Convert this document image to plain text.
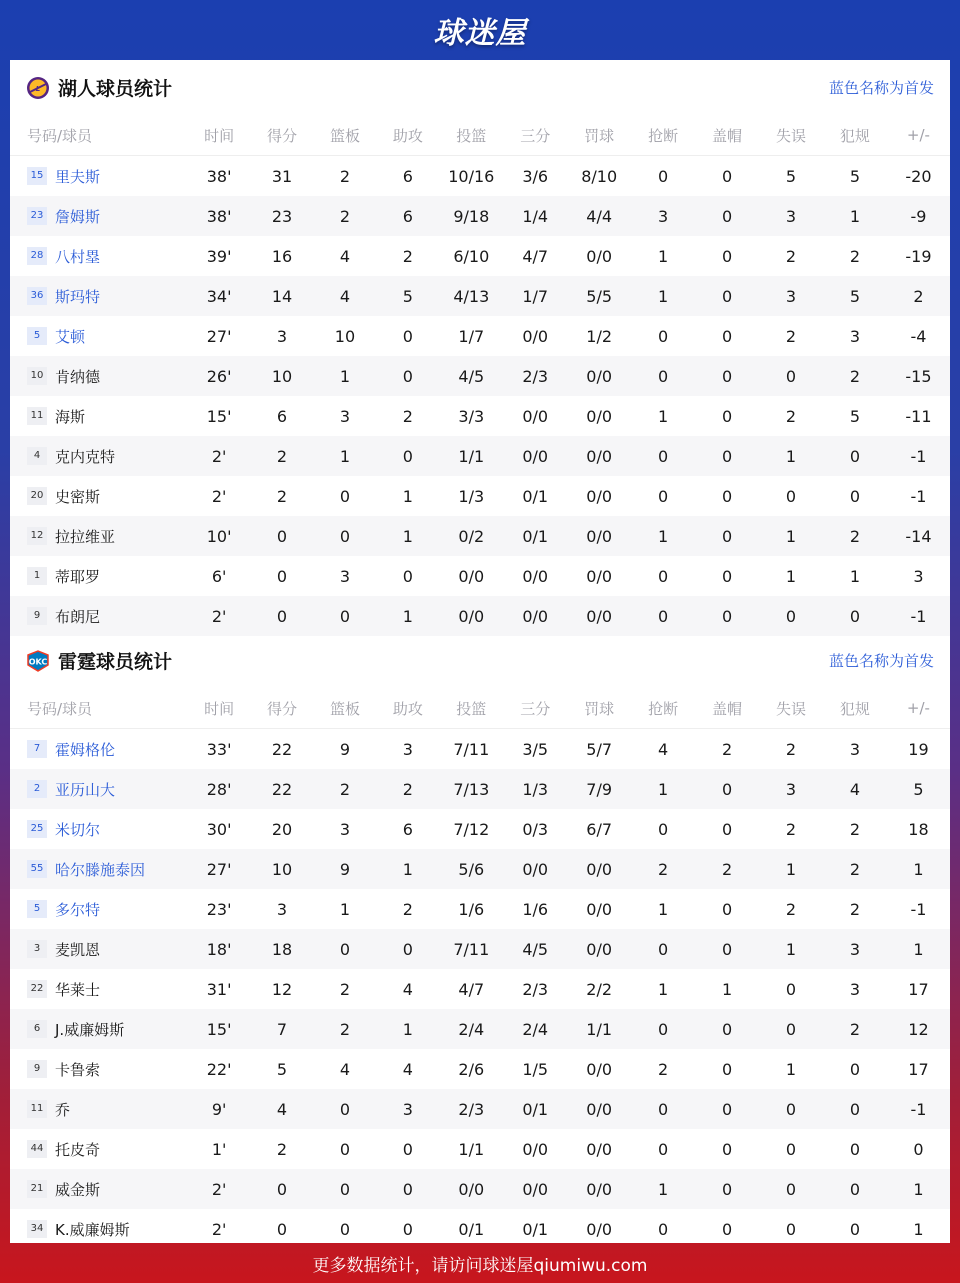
球迷屋
L 湖人球员统计	蓝色名称为首发
号码/球员	时间	得分	篮板	助攻	投篮	三分	罚球	抢断	盖帽	失误	犯规	+/-
15 里夫斯	38'	31	2	6	10/16	3/6	8/10	0	0	5	5	-20
23 詹姆斯	38'	23	2	6	9/18	1/4	4/4	3	0	3	1	-9
28 八村塁	39'	16	4	2	6/10	4/7	0/0	1	0	2	2	-19
36 斯玛特	34'	14	4	5	4/13	1/7	5/5	1	0	3	5	2
5 艾顿	27'	3	10	0	1/7	0/0	1/2	0	0	2	3	-4
10 肯纳德	26'	10	1	0	4/5	2/3	0/0	0	0	0	2	-15
11 海斯	15'	6	3	2	3/3	0/0	0/0	1	0	2	5	-11
4 克内克特	2'	2	1	0	1/1	0/0	0/0	0	0	1	0	-1
20 史密斯	2'	2	0	1	1/3	0/1	0/0	0	0	0	0	-1
12 拉拉维亚	10'	0	0	1	0/2	0/1	0/0	1	0	1	2	-14
1 蒂耶罗	6'	0	3	0	0/0	0/0	0/0	0	0	1	1	3
9 布朗尼	2'	0	0	1	0/0	0/0	0/0	0	0	0	0	-1
OKC 雷霆球员统计	蓝色名称为首发
号码/球员	时间	得分	篮板	助攻	投篮	三分	罚球	抢断	盖帽	失误	犯规	+/-
7 霍姆格伦	33'	22	9	3	7/11	3/5	5/7	4	2	2	3	19
2 亚历山大	28'	22	2	2	7/13	1/3	7/9	1	0	3	4	5
25 米切尔	30'	20	3	6	7/12	0/3	6/7	0	0	2	2	18
55 哈尔滕施泰因	27'	10	9	1	5/6	0/0	0/0	2	2	1	2	1
5 多尔特	23'	3	1	2	1/6	1/6	0/0	1	0	2	2	-1
3 麦凯恩	18'	18	0	0	7/11	4/5	0/0	0	0	1	3	1
22 华莱士	31'	12	2	4	4/7	2/3	2/2	1	1	0	3	17
6 J.威廉姆斯	15'	7	2	1	2/4	2/4	1/1	0	0	0	2	12
9 卡鲁索	22'	5	4	4	2/6	1/5	0/0	2	0	1	0	17
11 乔	9'	4	0	3	2/3	0/1	0/0	0	0	0	0	-1
44 托皮奇	1'	2	0	0	1/1	0/0	0/0	0	0	0	0	0
21 威金斯	2'	0	0	0	0/0	0/0	0/0	1	0	0	0	1
34 K.威廉姆斯	2'	0	0	0	0/1	0/1	0/0	0	0	0	0	1
更多数据统计，请访问球迷屋qiumiwu.com
